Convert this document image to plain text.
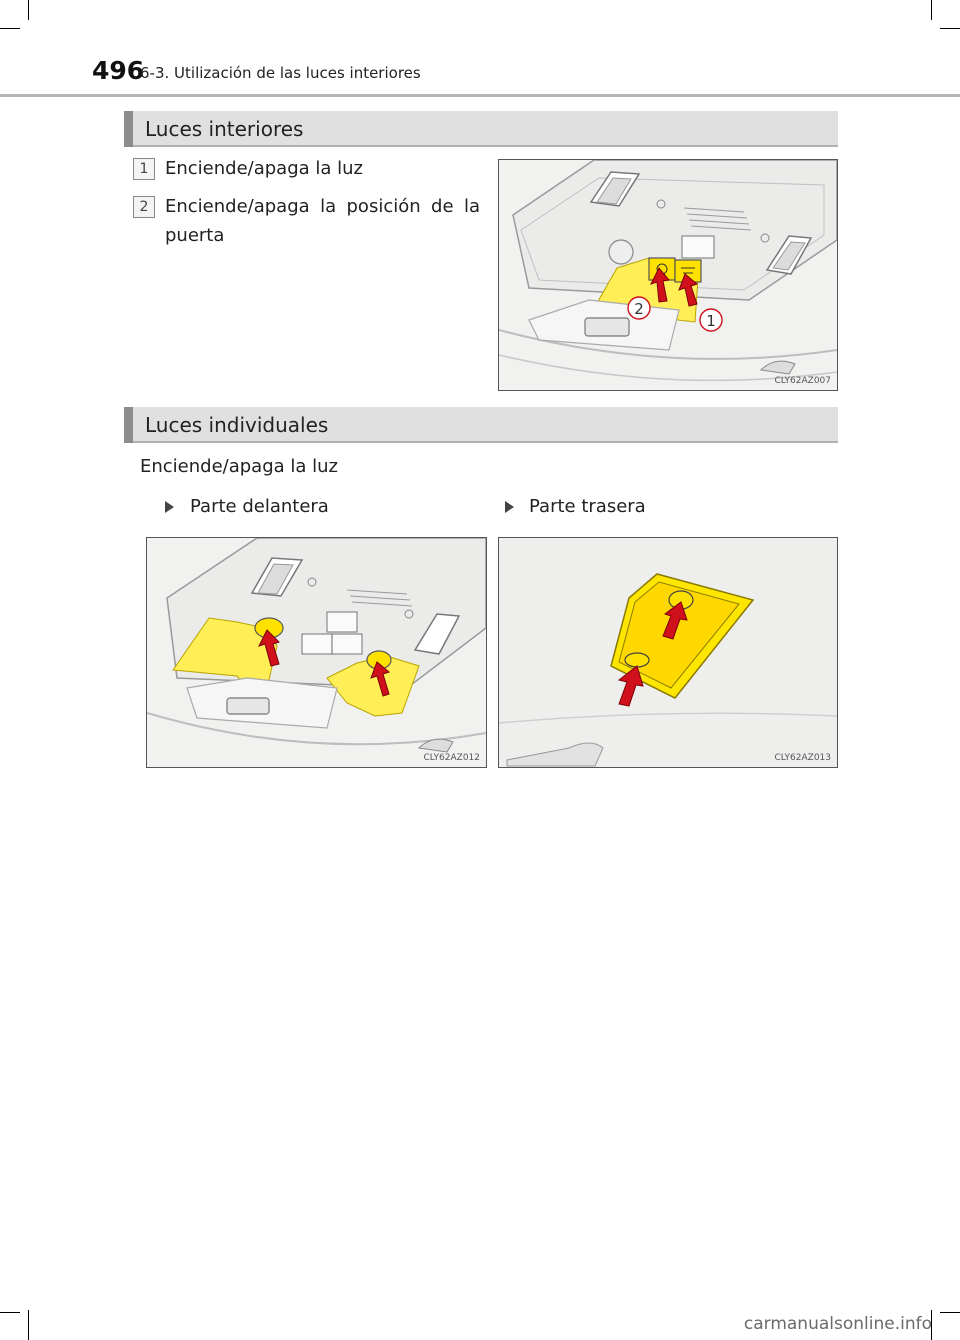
496
6-3. Utilización de las luces interiores
Luces interiores
1 Enciende/apaga la luz
2 Enciende/apaga la posición de la
puerta
2
1
CLY62AZ007
Luces individuales
Enciende/apaga la luz
Parte delantera	Parte trasera
CLY62AZ012	CLY62AZ013
carmanualsonline.info
